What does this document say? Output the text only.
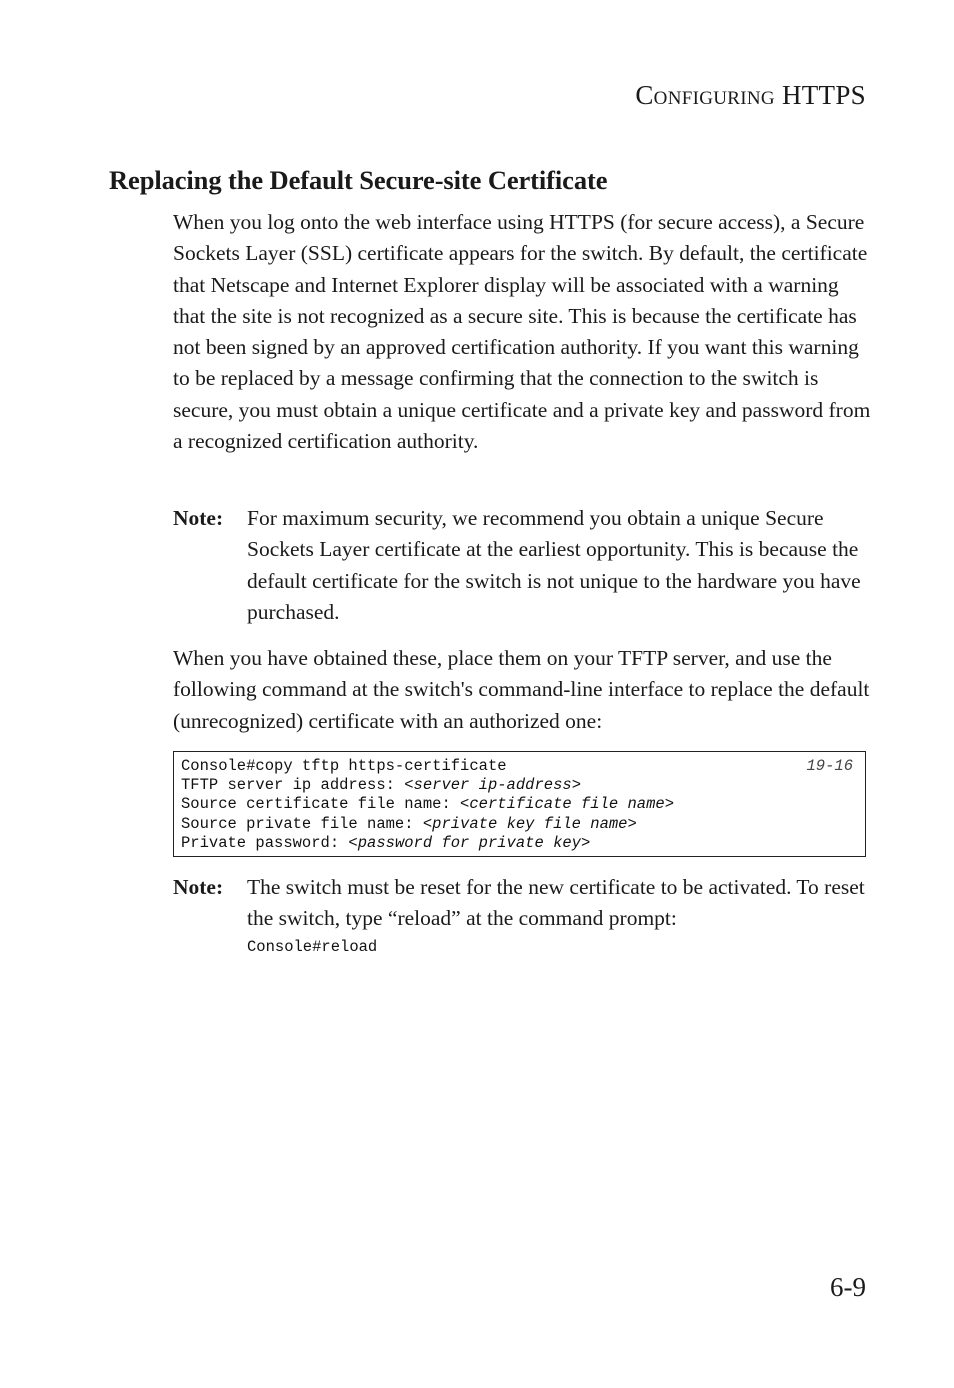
Configuring HTTPS
Replacing the Default Secure-site Certificate

When you log onto the web interface using HTTPS (for secure access), a Secure Sockets Layer (SSL) certificate appears for the switch. By default, the certificate that Netscape and Internet Explorer display will be associated with a warning that the site is not recognized as a secure site. This is because the certificate has not been signed by an approved certification authority. If you want this warning to be replaced by a message confirming that the connection to the switch is secure, you must obtain a unique certificate and a private key and password from a recognized certification authority.

Note: For maximum security, we recommend you obtain a unique Secure Sockets Layer certificate at the earliest opportunity. This is because the default certificate for the switch is not unique to the hardware you have purchased.

When you have obtained these, place them on your TFTP server, and use the following command at the switch's command-line interface to replace the default (unrecognized) certificate with an authorized one:

Console#copy tftp https-certificate	19-16
TFTP server ip address: <server ip-address>
Source certificate file name: <certificate file name>
Source private file name: <private key file name>
Private password: <password for private key>
Note: The switch must be reset for the new certificate to be activated. To reset the switch, type “reload” at the command prompt:
Console#reload
6-9
